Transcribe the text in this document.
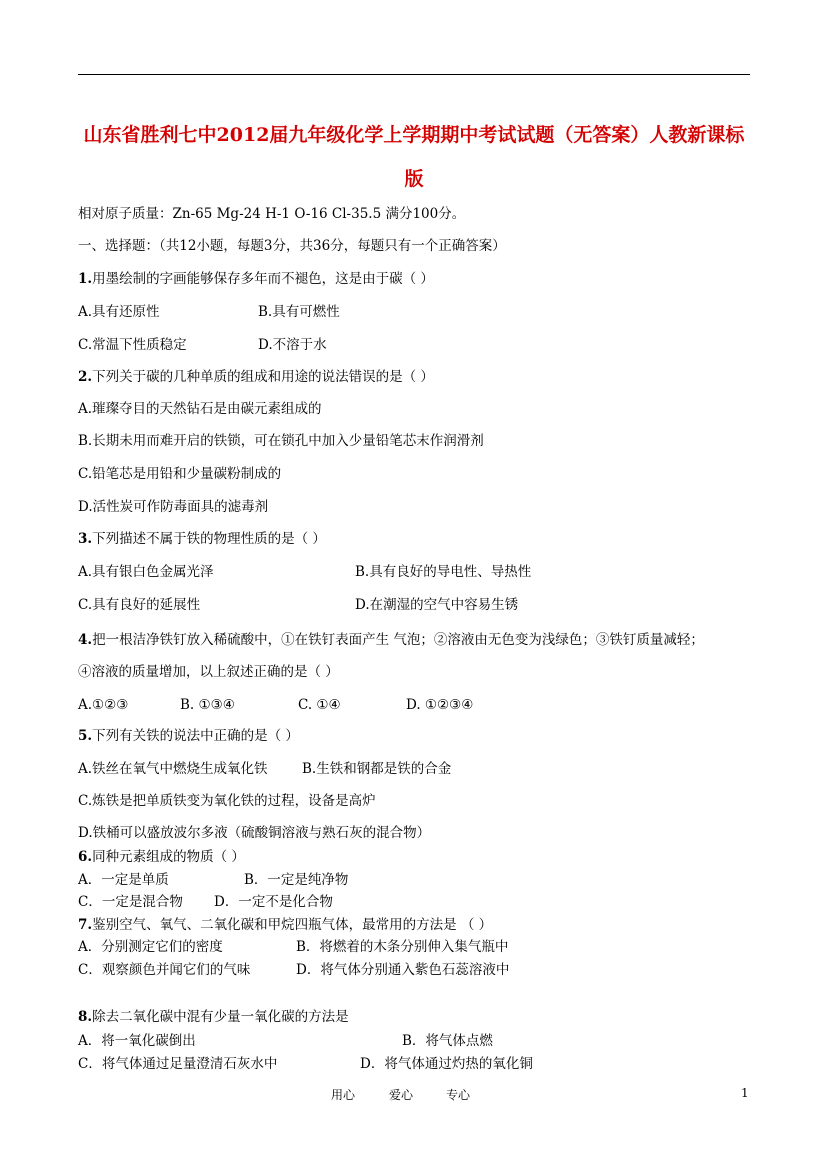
山东省胜利七中2012届九年级化学上学期期中考试试题（无答案）人教新课标
版
相对原子质量：Zn-65 Mg-24 H-1 O-16 Cl-35.5 满分100分。
一、选择题：（共12小题，每题3分，共36分，每题只有一个正确答案）
1.用墨绘制的字画能够保存多年而不褪色，这是由于碳（ ）
A.具有还原性	B.具有可燃性
C.常温下性质稳定	D.不溶于水
2.下列关于碳的几种单质的组成和用途的说法错误的是（ ）
A.璀璨夺目的天然钻石是由碳元素组成的
B.长期未用而难开启的铁锁，可在锁孔中加入少量铅笔芯末作润滑剂
C.铅笔芯是用铅和少量碳粉制成的
D.活性炭可作防毒面具的滤毒剂
3.下列描述不属于铁的物理性质的是（ ）
A.具有银白色金属光泽	B.具有良好的导电性、导热性
C.具有良好的延展性	D.在潮湿的空气中容易生锈
4.把一根洁净铁钉放入稀硫酸中，①在铁钉表面产生 气泡；②溶液由无色变为浅绿色；③铁钉质量减轻；
④溶液的质量增加，以上叙述正确的是（ ）
A.①②③	B. ①③④	C. ①④	D. ①②③④
5.下列有关铁的说法中正确的是（ ）
A.铁丝在氧气中燃烧生成氧化铁	B.生铁和钢都是铁的合金
C.炼铁是把单质铁变为氧化铁的过程，设备是高炉
D.铁桶可以盛放波尔多液（硫酸铜溶液与熟石灰的混合物）
6.同种元素组成的物质（ ）
A．一定是单质	B．一定是纯净物
C．一定是混合物 D．一定不是化合物
7.鉴别空气、氧气、二氧化碳和甲烷四瓶气体，最常用的方法是 （ ）
A．分别测定它们的密度	B．将燃着的木条分别伸入集气瓶中
C．观察颜色并闻它们的气味	D．将气体分别通入紫色石蕊溶液中
8.除去二氧化碳中混有少量一氧化碳的方法是
A．将一氧化碳倒出	B．将气体点燃
C．将气体通过足量澄清石灰水中	D．将气体通过灼热的氧化铜
用心	爱心	专心	1
